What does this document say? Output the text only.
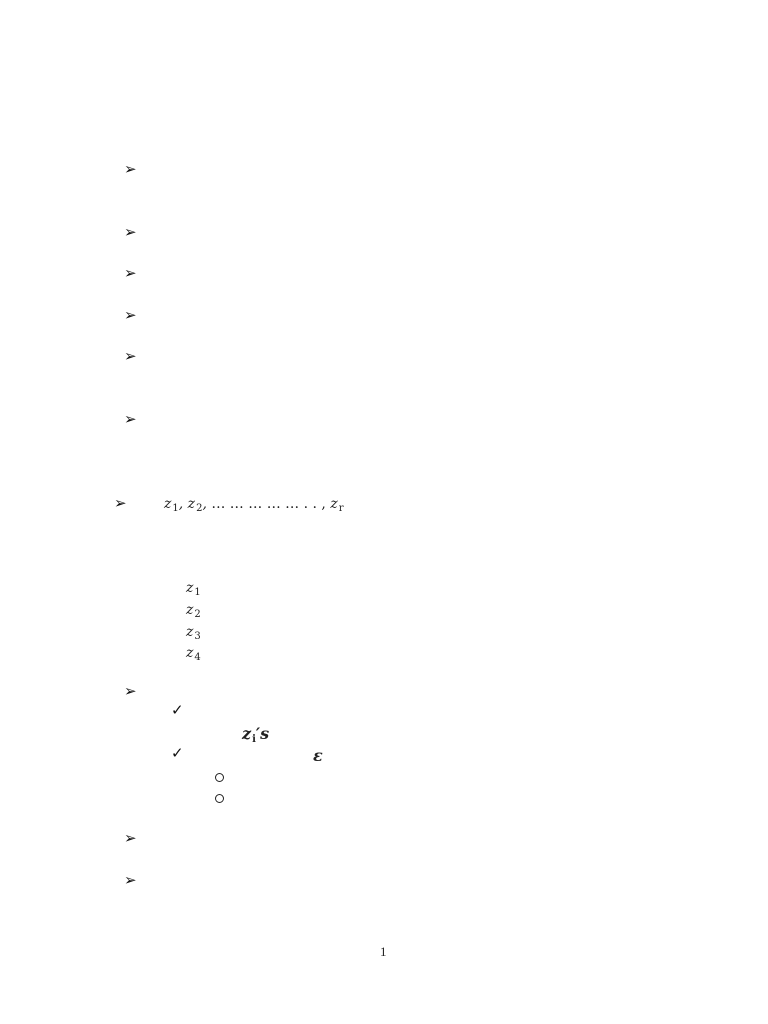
➢
➢
➢
➢
➢
➢
➢	$z_1$, $z_2$, … … … … … . . , $z_r$
$z_1$
$z_2$
$z_3$
$z_4$
➢
✓
$z_i's$
✓	ε
➢
➢
1
